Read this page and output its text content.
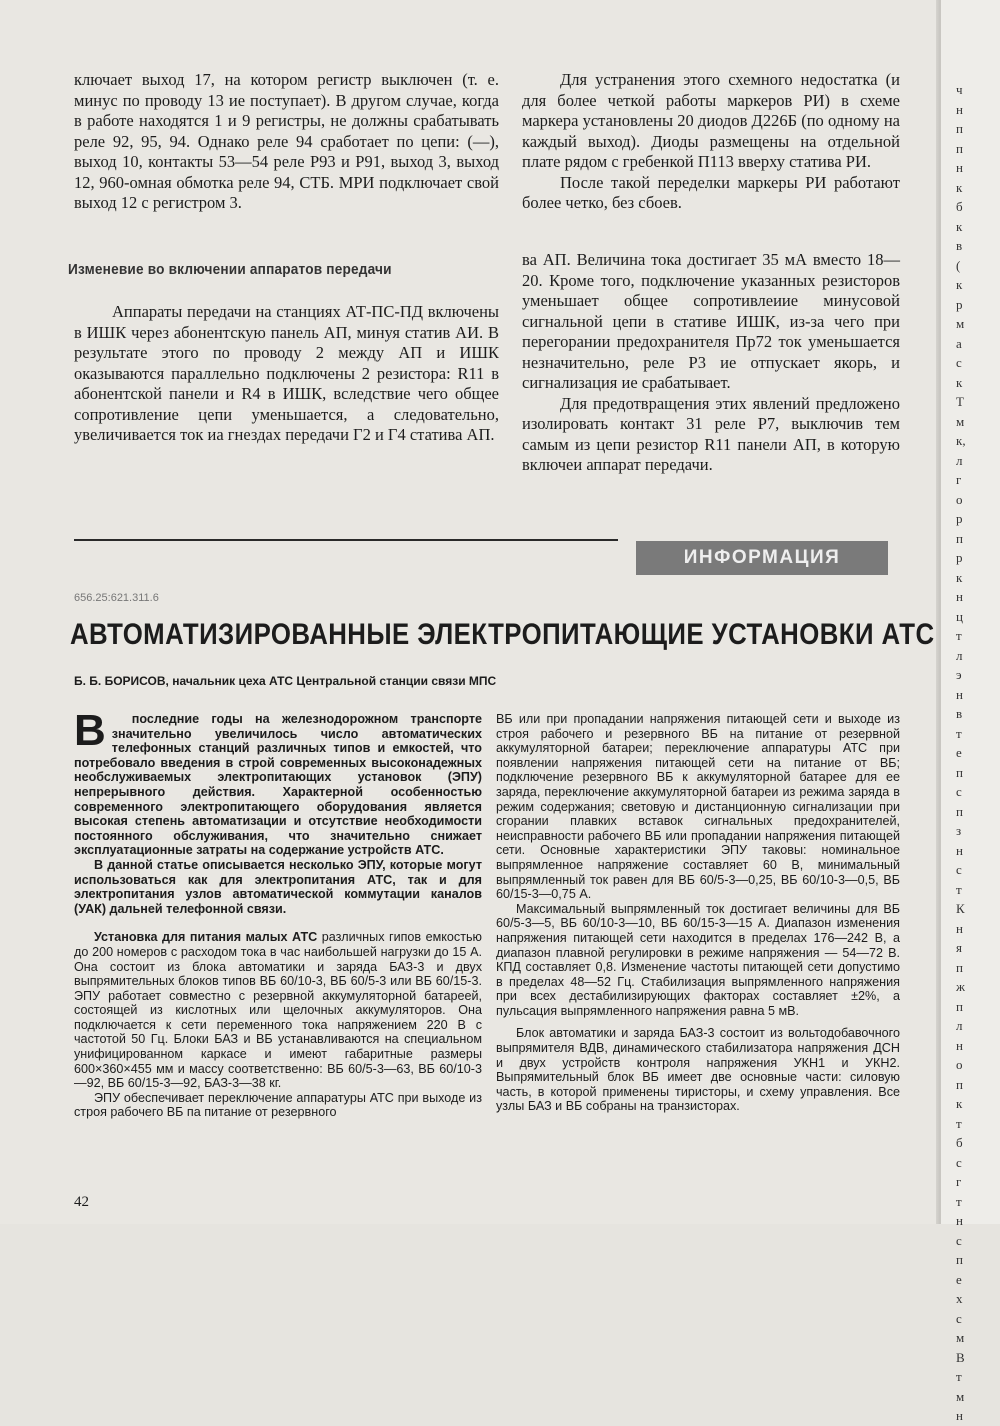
ч
н
п
п
н
к
б
к
в
(
к
р
м
а
с
к
Т
м
к,
л
г
о
р
п
р
к
н
ц
т
л
э
н
в
т
е
п
с
п
з
н
с
т
К
н
я
п
ж
п
л
н
о
п
к
т
б
с
г
т
н
с
п
е
х
с
м
В
т
м
н

ключает выход 17, на котором регистр выключен (т. е. минус по проводу 13 ие поступает). В другом случае, когда в работе находятся 1 и 9 регистры, не должны срабатывать реле 92, 95, 94. Однако реле 94 сработает по цепи: (—), выход 10, контакты 53—54 реле Р93 и Р91, выход 3, выход 12, 960-омная обмотка реле 94, СТБ. МРИ подключает свой выход 12 с регистром 3.

Для устранения этого схемного недостатка (и для более четкой работы маркеров РИ) в схеме маркера установлены 20 диодов Д226Б (по одному на каждый выход). Диоды размещены на отдельной плате рядом с гребенкой П113 вверху статива РИ.

После такой переделки маркеры РИ работают более четко, без сбоев.

Изменевие во включении аппаратов передачи

Аппараты передачи на станциях АТ-ПС-ПД включены в ИШК через абонентскую панель АП, минуя статив АИ. В результате этого по проводу 2 между АП и ИШК оказываются параллельно подключены 2 резистора: R11 в абонентской панели и R4 в ИШК, вследствие чего общее сопротивление цепи уменьшается, а следовательно, увеличивается ток иа гнездах передачи Г2 и Г4 статива АП.

ва АП. Величина тока достигает 35 мА вместо 18—20. Кроме того, подключение указанных резисторов уменьшает общее сопротивлеиие минусовой сигнальной цепи в стативе ИШК, из-за чего при перегорании предохранителя Пр72 ток уменьшается незначительно, реле Р3 ие отпускает якорь, и сигнализация ие срабатывает.

Для предотвращения этих явлений предложено изолировать контакт 31 реле Р7, выключив тем самым из цепи резистор R11 панели АП, в которую включеи аппарат передачи.

ИНФОРМАЦИЯ
656.25:621.311.6
АВТОМАТИЗИРОВАННЫЕ ЭЛЕКТРОПИТАЮЩИЕ УСТАНОВКИ АТС
Б. Б. БОРИСОВ, начальник цеха АТС Центральной станции связи МПС

В последние годы на железнодорожном транспорте значительно увеличилось число автоматических телефонных станций различных типов и емкостей, что потребовало введения в строй современных высоконадежных необслуживаемых электропитающих установок (ЭПУ) непрерывного действия. Характерной особенностью современного электропитающего оборудования является высокая степень автоматизации и отсутствие необходимости постоянного обслуживания, что значительно снижает эксплуатационные затраты на содержание устройств АТС.

В данной статье описывается несколько ЭПУ, которые могут использоваться как для электропитания АТС, так и для электропитания узлов автоматической коммутации каналов (УАК) дальней телефонной связи.

Установка для питания малых АТС различных гипов емкостью до 200 номеров с расходом тока в час наибольшей нагрузки до 15 А. Она состоит из блока автоматики и заряда БАЗ-3 и двух выпрямительных блоков типов ВБ 60/10-3, ВБ 60/5-3 или ВБ 60/15-3. ЭПУ работает совместно с резервной аккумуляторной батареей, состоящей из кислотных или щелочных аккумуляторов. Она подключается к сети переменного тока напряжением 220 В с частотой 50 Гц. Блоки БАЗ и ВБ устанавливаются на специальном унифицированном каркасе и имеют габаритные размеры 600×360×455 мм и массу соответственно: ВБ 60/5-3—63, ВБ 60/10-3—92, ВБ 60/15-3—92, БАЗ-3—38 кг.

ЭПУ обеспечивает переключение аппаратуры АТС при выходе из строя рабочего ВБ па питание от резервного

ВБ или при пропадании напряжения питающей сети и выходе из строя рабочего и резервного ВБ на питание от резервной аккумуляторной батареи; переключение аппаратуры АТС при появлении напряжения питающей сети на питание от ВБ; подключение резервного ВБ к аккумуляторной батарее для ее заряда, переключение аккумуляторной батареи из режима заряда в режим содержания; световую и дистанционную сигнализации при сгорании плавких вставок сигнальных предохранителей, неисправности рабочего ВБ или пропадании напряжения питающей сети. Основные характеристики ЭПУ таковы: номинальное выпрямленное напряжение составляет 60 В, минимальный выпрямленный ток равен для ВБ 60/5-3—0,25, ВБ 60/10-3—0,5, ВБ 60/15-3—0,75 А.

Максимальный выпрямленный ток достигает величины для ВБ 60/5-3—5, ВБ 60/10-3—10, ВБ 60/15-3—15 А. Диапазон изменения напряжения питающей сети находится в пределах 176—242 В, а диапазон плавной регулировки в режиме напряжения — 54—72 В. КПД составляет 0,8. Изменение частоты питающей сети допустимо в пределах 48—52 Гц. Стабилизация выпрямленного напряжения при всех дестабилизирующих факторах составляет ±2%, а пульсация выпрямленного напряжения равна 5 мВ.

Блок автоматики и заряда БАЗ-3 состоит из вольтодобавочного выпрямителя ВДВ, динамического стабилизатора напряжения ДСН и двух устройств контроля напряжения УКН1 и УКН2. Выпрямительный блок ВБ имеет две основные части: силовую часть, в которой применены тиристоры, и схему управления. Все узлы БАЗ и ВБ собраны на транзисторах.

42
